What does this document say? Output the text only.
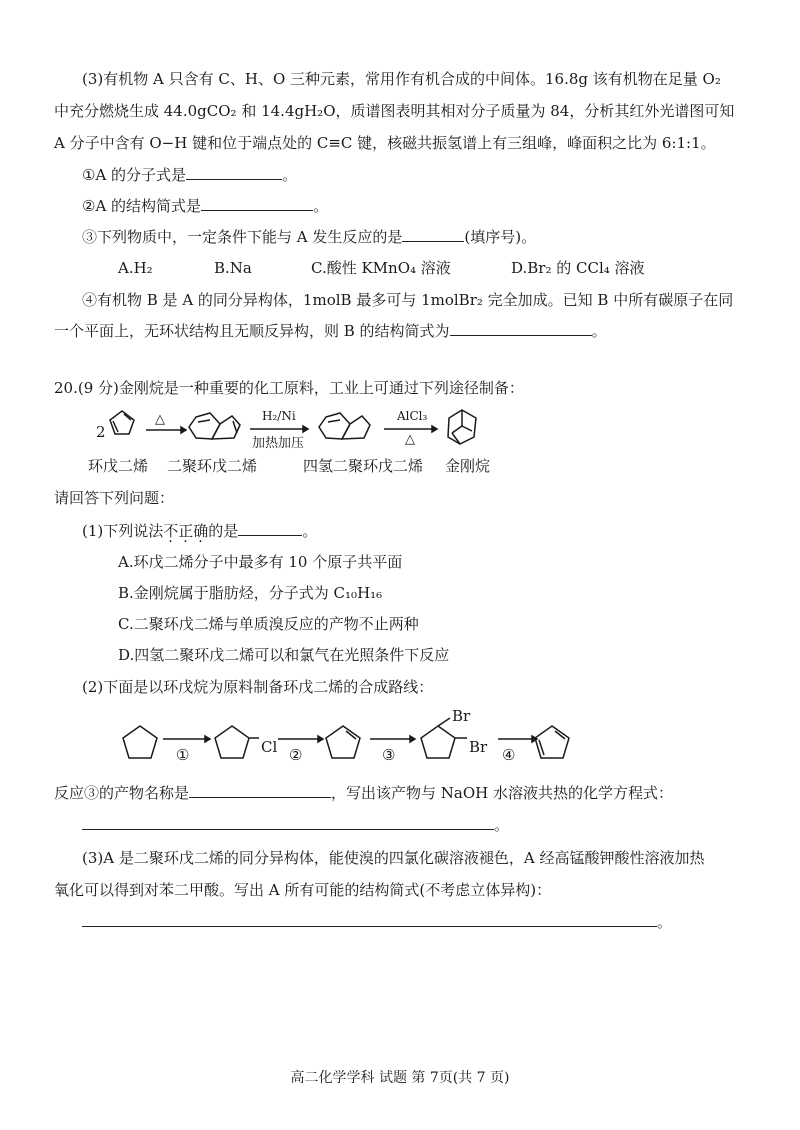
(3)有机物 A 只含有 C、H、O 三种元素，常用作有机合成的中间体。16.8g 该有机物在足量 O₂
中充分燃烧生成 44.0gCO₂ 和 14.4gH₂O，质谱图表明其相对分子质量为 84，分析其红外光谱图可知
A 分子中含有 O−H 键和位于端点处的 C≡C 键，核磁共振氢谱上有三组峰，峰面积之比为 6:1:1。
①A 的分子式是	。
②A 的结构简式是	。
③下列物质中，一定条件下能与 A 发生反应的是	(填序号)。
A.H₂	B.Na	C.酸性 KMnO₄ 溶液	D.Br₂ 的 CCl₄ 溶液
④有机物 B 是 A 的同分异构体，1molB 最多可与 1molBr₂ 完全加成。已知 B 中所有碳原子在同
一个平面上，无环状结构且无顺反异构，则 B 的结构简式为	。
20.(9 分)金刚烷是一种重要的化工原料，工业上可通过下列途径制备：
2
△	H₂/Ni
加热加压
AlCl₃
△
环戊二烯 二聚环戊二烯	四氢二聚环戊二烯 金刚烷
请回答下列问题：
(1)下列说法不正确的是	。
A.环戊二烯分子中最多有 10 个原子共平面
B.金刚烷属于脂肪烃，分子式为 C₁₀H₁₆
C.二聚环戊二烯与单质溴反应的产物不止两种
D.四氢二聚环戊二烯可以和氯气在光照条件下反应
(2)下面是以环戊烷为原料制备环戊二烯的合成路线：
①	Cl ②	③
Br
Br ④
反应③的产物名称是	，写出该产物与 NaOH 水溶液共热的化学方程式：
。
(3)A 是二聚环戊二烯的同分异构体，能使溴的四氯化碳溶液褪色，A 经高锰酸钾酸性溶液加热
氧化可以得到对苯二甲酸。写出 A 所有可能的结构简式(不考虑立体异构)：
。
高二化学学科 试题 第 7页(共 7 页)
